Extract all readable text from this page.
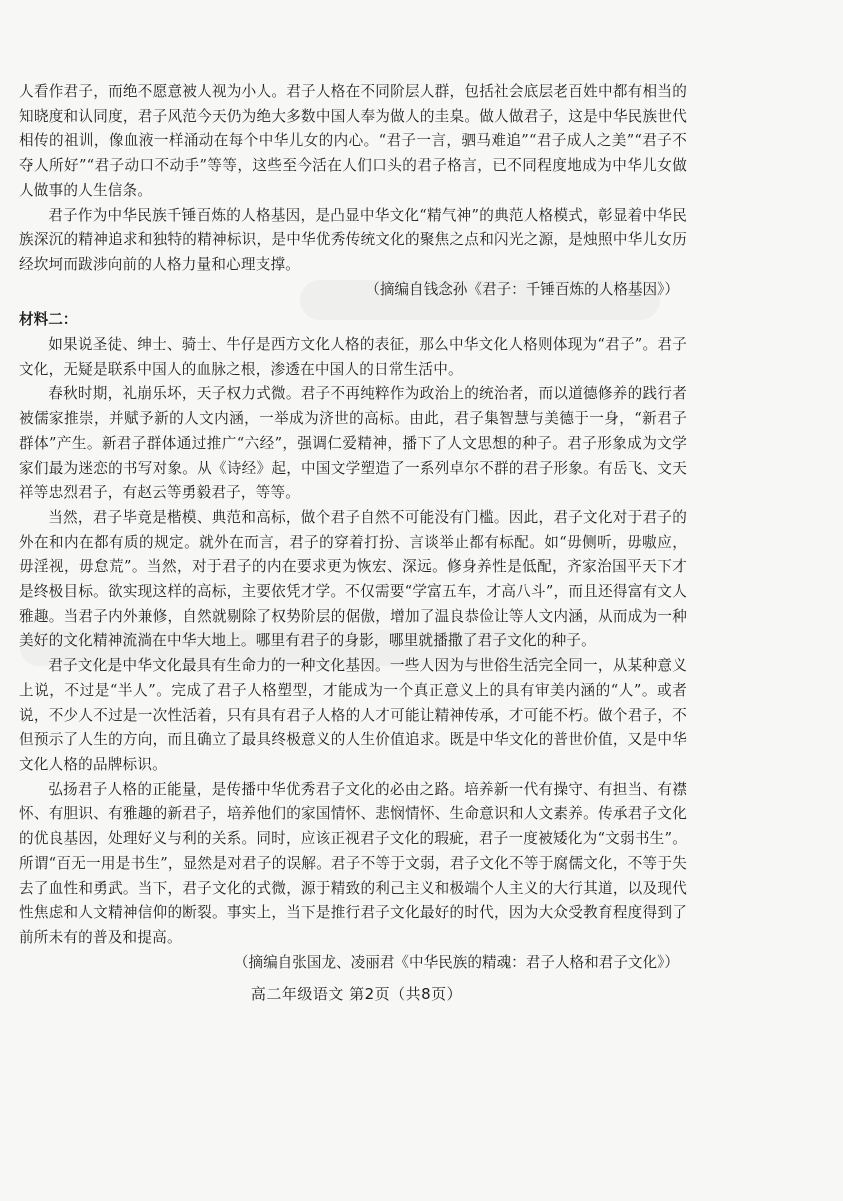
人看作君子，而绝不愿意被人视为小人。君子人格在不同阶层人群，包括社会底层老百姓中都有相当的知晓度和认同度，君子风范今天仍为绝大多数中国人奉为做人的圭臬。做人做君子，这是中华民族世代相传的祖训，像血液一样涌动在每个中华儿女的内心。“君子一言，驷马难追”“君子成人之美”“君子不夺人所好”“君子动口不动手”等等，这些至今活在人们口头的君子格言，已不同程度地成为中华儿女做人做事的人生信条。

君子作为中华民族千锤百炼的人格基因，是凸显中华文化“精气神”的典范人格模式，彰显着中华民族深沉的精神追求和独特的精神标识，是中华优秀传统文化的聚焦之点和闪光之源，是烛照中华儿女历经坎坷而跋涉向前的人格力量和心理支撑。

（摘编自钱念孙《君子：千锤百炼的人格基因》）

材料二：

如果说圣徒、绅士、骑士、牛仔是西方文化人格的表征，那么中华文化人格则体现为“君子”。君子文化，无疑是联系中国人的血脉之根，渗透在中国人的日常生活中。

春秋时期，礼崩乐坏，天子权力式微。君子不再纯粹作为政治上的统治者，而以道德修养的践行者被儒家推崇，并赋予新的人文内涵，一举成为济世的高标。由此，君子集智慧与美德于一身，“新君子群体”产生。新君子群体通过推广“六经”，强调仁爱精神，播下了人文思想的种子。君子形象成为文学家们最为迷恋的书写对象。从《诗经》起，中国文学塑造了一系列卓尔不群的君子形象。有岳飞、文天祥等忠烈君子，有赵云等勇毅君子，等等。

当然，君子毕竟是楷模、典范和高标，做个君子自然不可能没有门槛。因此，君子文化对于君子的外在和内在都有质的规定。就外在而言，君子的穿着打扮、言谈举止都有标配。如“毋侧听，毋嗷应，毋淫视，毋怠荒”。当然，对于君子的内在要求更为恢宏、深远。修身养性是低配，齐家治国平天下才是终极目标。欲实现这样的高标，主要依凭才学。不仅需要“学富五车，才高八斗”，而且还得富有文人雅趣。当君子内外兼修，自然就剔除了权势阶层的倨傲，增加了温良恭俭让等人文内涵，从而成为一种美好的文化精神流淌在中华大地上。哪里有君子的身影，哪里就播撒了君子文化的种子。

君子文化是中华文化最具有生命力的一种文化基因。一些人因为与世俗生活完全同一，从某种意义上说，不过是“半人”。完成了君子人格塑型，才能成为一个真正意义上的具有审美内涵的“人”。或者说，不少人不过是一次性活着，只有具有君子人格的人才可能让精神传承，才可能不朽。做个君子，不但预示了人生的方向，而且确立了最具终极意义的人生价值追求。既是中华文化的普世价值，又是中华文化人格的品牌标识。

弘扬君子人格的正能量，是传播中华优秀君子文化的必由之路。培养新一代有操守、有担当、有襟怀、有胆识、有雅趣的新君子，培养他们的家国情怀、悲悯情怀、生命意识和人文素养。传承君子文化的优良基因，处理好义与利的关系。同时，应该正视君子文化的瑕疵，君子一度被矮化为“文弱书生”。所谓“百无一用是书生”，显然是对君子的误解。君子不等于文弱，君子文化不等于腐儒文化，不等于失去了血性和勇武。当下，君子文化的式微，源于精致的利己主义和极端个人主义的大行其道，以及现代性焦虑和人文精神信仰的断裂。事实上，当下是推行君子文化最好的时代，因为大众受教育程度得到了前所未有的普及和提高。

（摘编自张国龙、凌丽君《中华民族的精魂：君子人格和君子文化》）

高二年级语文 第2页（共8页）
